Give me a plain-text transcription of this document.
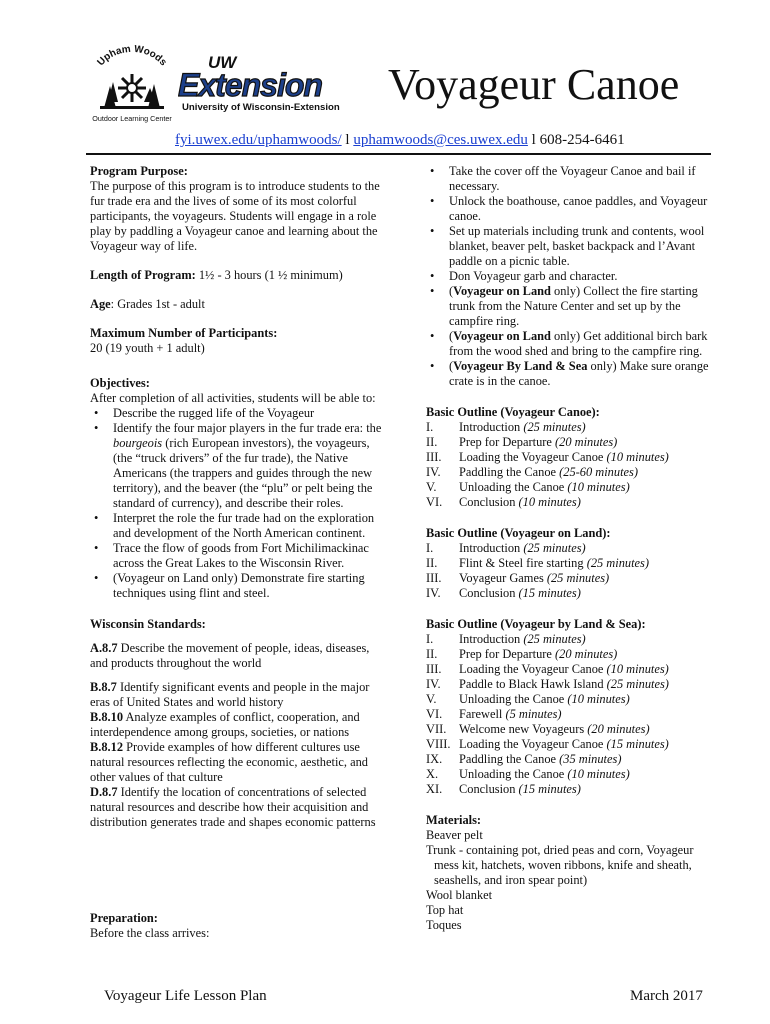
Upham Woods
Outdoor Learning Center
UW
Extension
University of Wisconsin-Extension Voyageur Canoe
fyi.uwex.edu/uphamwoods/ l uphamwoods@ces.uwex.edu l 608-254-6461

Program Purpose:

The purpose of this program is to introduce students to the fur trade era and the lives of some of its most colorful participants, the voyageurs. Students will engage in a role play by paddling a Voyageur canoe and learning about the Voyageur way of life.

Length of Program: 1½ - 3 hours (1 ½ minimum)

Age: Grades 1st - adult

Maximum Number of Participants:

20 (19 youth + 1 adult)

Objectives:

After completion of all activities, students will be able to:

• Describe the rugged life of the Voyageur
• Identify the four major players in the fur trade era: the bourgeois (rich European investors), the voyageurs, (the “truck drivers” of the fur trade), the Native Americans (the trappers and guides through the new territory), and the beaver (the “plu” or pelt being the standard of currency), and describe their roles.
• Interpret the role the fur trade had on the exploration and development of the North American continent.
• Trace the flow of goods from Fort Michilimackinac across the Great Lakes to the Wisconsin River.
• (Voyageur on Land only) Demonstrate fire starting techniques using flint and steel.

Wisconsin Standards:

A.8.7 Describe the movement of people, ideas, diseases, and products throughout the world

B.8.7 Identify significant events and people in the major eras of United States and world history

B.8.10 Analyze examples of conflict, cooperation, and interdependence among groups, societies, or nations

B.8.12 Provide examples of how different cultures use natural resources reflecting the economic, aesthetic, and other values of that culture

D.8.7 Identify the location of concentrations of selected natural resources and describe how their acquisition and distribution generates trade and shapes economic patterns

Preparation:

Before the class arrives:

• Take the cover off the Voyageur Canoe and bail if necessary.
• Unlock the boathouse, canoe paddles, and Voyageur canoe.
• Set up materials including trunk and contents, wool blanket, beaver pelt, basket backpack and l’Avant paddle on a picnic table.
• Don Voyageur garb and character.
• (Voyageur on Land only) Collect the fire starting trunk from the Nature Center and set up by the campfire ring.
• (Voyageur on Land only) Get additional birch bark from the wood shed and bring to the campfire ring.
• (Voyageur By Land & Sea only) Make sure orange crate is in the canoe.

Basic Outline (Voyageur Canoe):

I.	Introduction (25 minutes)
II.	Prep for Departure (20 minutes)
III.	Loading the Voyageur Canoe (10 minutes)
IV.	Paddling the Canoe (25-60 minutes)
V.	Unloading the Canoe (10 minutes)
VI.	Conclusion (10 minutes)

Basic Outline (Voyageur on Land):

I.	Introduction (25 minutes)
II.	Flint & Steel fire starting (25 minutes)
III.	Voyageur Games (25 minutes)
IV.	Conclusion (15 minutes)

Basic Outline (Voyageur by Land & Sea):

I.	Introduction (25 minutes)
II.	Prep for Departure (20 minutes)
III.	Loading the Voyageur Canoe (10 minutes)
IV.	Paddle to Black Hawk Island (25 minutes)
V.	Unloading the Canoe (10 minutes)
VI.	Farewell (5 minutes)
VII.	Welcome new Voyageurs (20 minutes)
VIII. Loading the Voyageur Canoe (15 minutes)
IX.	Paddling the Canoe (35 minutes)
X.	Unloading the Canoe (10 minutes)
XI.	Conclusion (15 minutes)

Materials:

Beaver pelt

Trunk - containing pot, dried peas and corn, Voyageur mess kit, hatchets, woven ribbons, knife and sheath, seashells, and iron spear point)

Wool blanket

Top hat

Toques

Voyageur Life Lesson Plan	March 2017
